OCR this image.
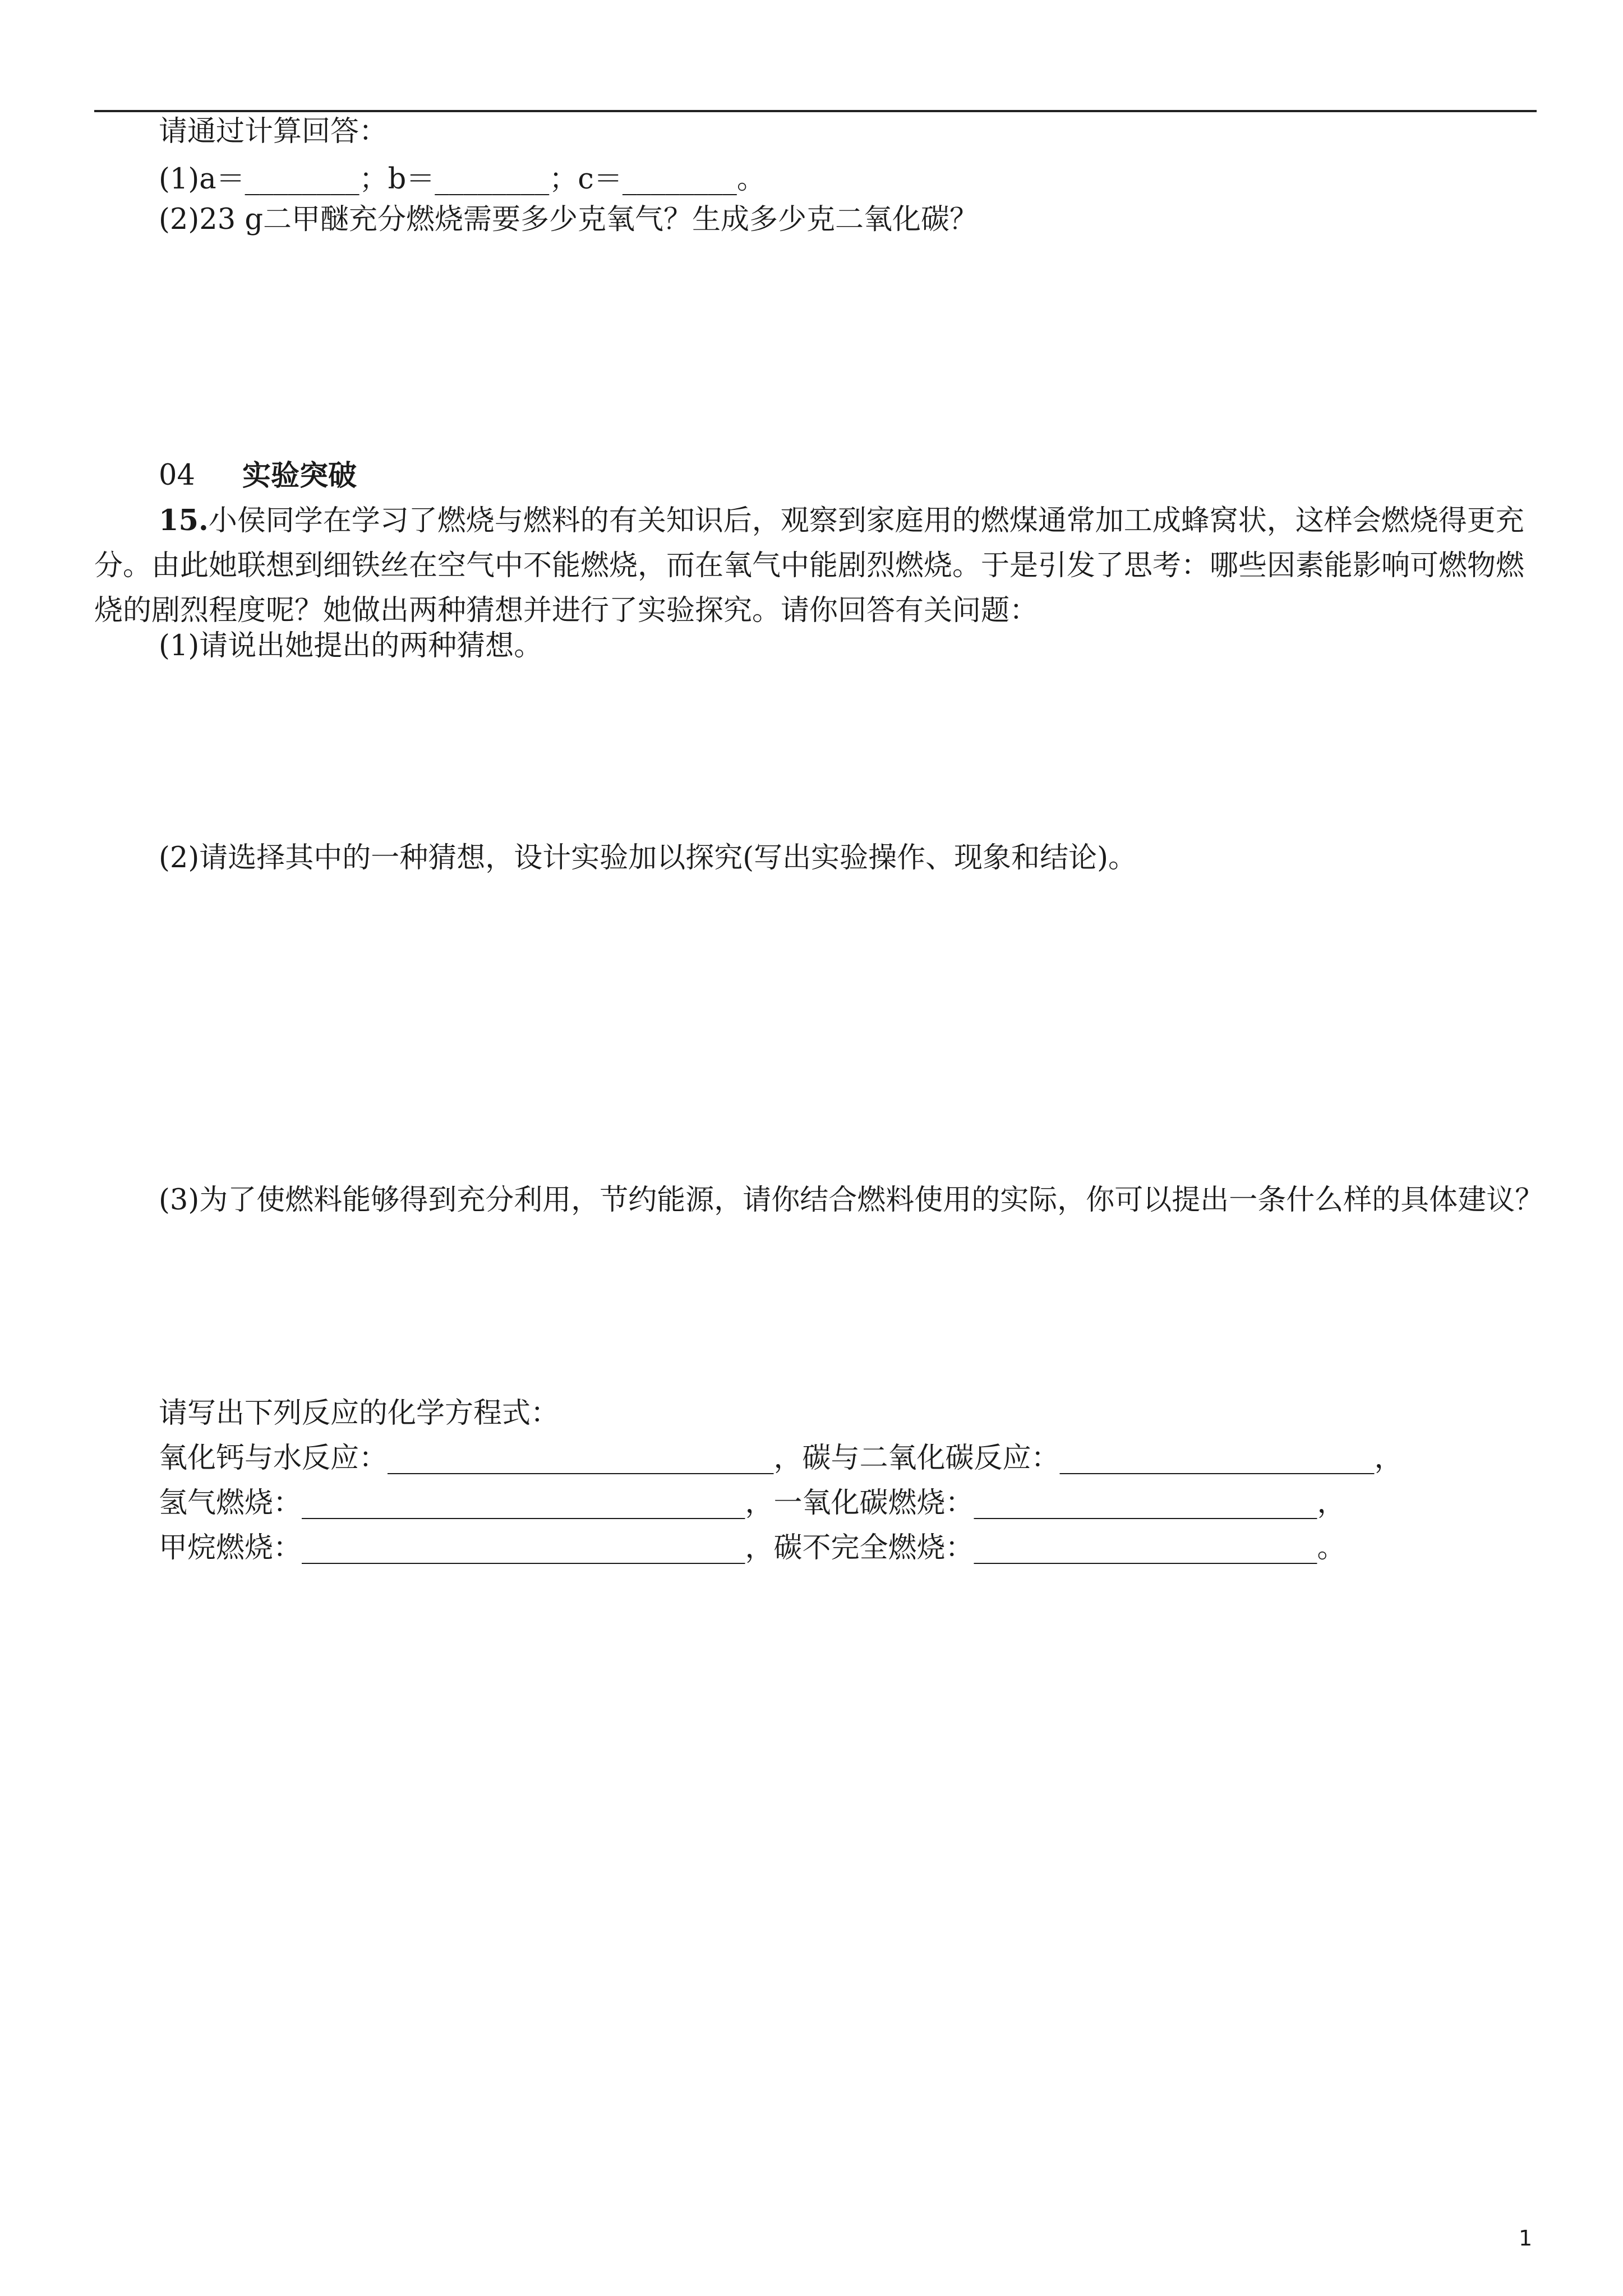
请通过计算回答：
(1)a＝________；b＝________；c＝________。
(2)23 g二甲醚充分燃烧需要多少克氧气？生成多少克二氧化碳？
04 实验突破
15.小侯同学在学习了燃烧与燃料的有关知识后，观察到家庭用的燃煤通常加工成蜂窝状，这样会燃烧得更充分。由此她联想到细铁丝在空气中不能燃烧，而在氧气中能剧烈燃烧。于是引发了思考：哪些因素能影响可燃物燃烧的剧烈程度呢？她做出两种猜想并进行了实验探究。请你回答有关问题：
(1)请说出她提出的两种猜想。
(2)请选择其中的一种猜想，设计实验加以探究(写出实验操作、现象和结论)。
(3)为了使燃料能够得到充分利用，节约能源，请你结合燃料使用的实际，你可以提出一条什么样的具体建议？
请写出下列反应的化学方程式：
氧化钙与水反应：___________________________，碳与二氧化碳反应：______________________，
氢气燃烧：_______________________________，一氧化碳燃烧：________________________，
甲烷燃烧：_______________________________，碳不完全燃烧：________________________。
1
